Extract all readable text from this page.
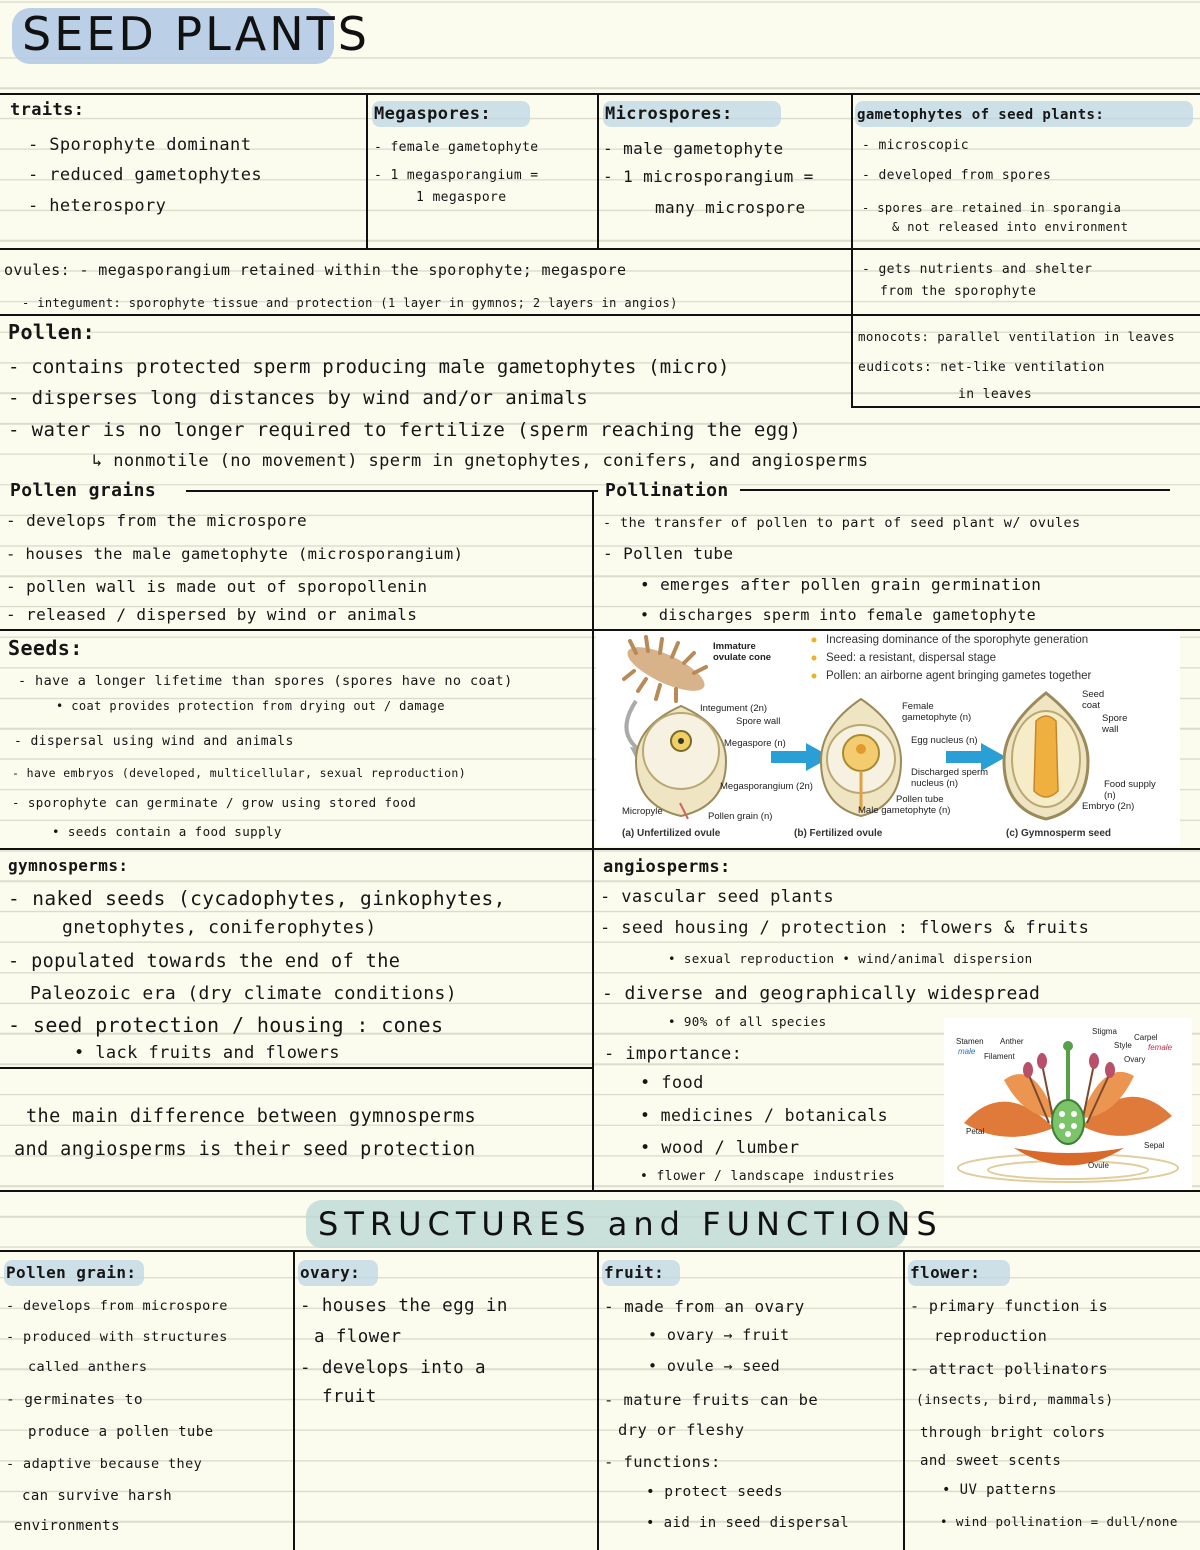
SEED PLANTS
traits:
- Sporophyte dominant
- reduced gametophytes
- heterospory
Megaspores:
- female gametophyte
- 1 megasporangium =
1 megaspore
Microspores:
- male gametophyte
- 1 microsporangium =
many microspore
gametophytes of seed plants:
- microscopic
- developed from spores
- spores are retained in sporangia
& not released into environment
- gets nutrients and shelter
from the sporophyte
ovules: - megasporangium retained within the sporophyte; megaspore
- integument: sporophyte tissue and protection (1 layer in gymnos; 2 layers in angios)
monocots: parallel ventilation in leaves
eudicots: net-like ventilation
in leaves
Pollen:
- contains protected sperm producing male gametophytes (micro)
- disperses long distances by wind and/or animals
- water is no longer required to fertilize (sperm reaching the egg)
↳ nonmotile (no movement) sperm in gnetophytes, conifers, and angiosperms
Pollen grains
- develops from the microspore
- houses the male gametophyte (microsporangium)
- pollen wall is made out of sporopollenin
- released / dispersed by wind or animals
Pollination
- the transfer of pollen to part of seed plant w/ ovules
- Pollen tube
• emerges after pollen grain germination
• discharges sperm into female gametophyte
Seeds:
- have a longer lifetime than spores (spores have no coat)
• coat provides protection from drying out / damage
- dispersal using wind and animals
- have embryos (developed, multicellular, sexual reproduction)
- sporophyte can germinate / grow using stored food
• seeds contain a food supply
Increasing dominance of the sporophyte generation
Seed: a resistant, dispersal stage
Pollen: an airborne agent bringing gametes together
Immature ovulate cone
Integument (2n)
Spore wall
Megaspore (n)
Megasporangium (2n)
Micropyle	Pollen grain (n)
Female gametophyte (n)
Egg nucleus (n)
Discharged sperm nucleus (n)
Pollen tube
Male gametophyte (n)
Seed coat
Spore wall
Food supply (n)
Embryo (2n)
(a) Unfertilized ovule	(b) Fertilized ovule	(c) Gymnosperm seed
gymnosperms:
- naked seeds (cycadophytes, ginkophytes,
gnetophytes, coniferophytes)
- populated towards the end of the
Paleozoic era (dry climate conditions)
- seed protection / housing : cones
• lack fruits and flowers
the main difference between gymnosperms
and angiosperms is their seed protection
angiosperms:
- vascular seed plants
- seed housing / protection : flowers & fruits
• sexual reproduction • wind/animal dispersion
- diverse and geographically widespread
• 90% of all species
- importance:
• food
• medicines / botanicals
• wood / lumber
• flower / landscape industries
Stamen
male
Anther
Filament
Stigma
Carpel
Style female
Ovary
Petal
Sepal
Ovule
STRUCTURES and FUNCTIONS
Pollen grain:
- develops from microspore
- produced with structures
called anthers
- germinates to
produce a pollen tube
- adaptive because they
can survive harsh
environments
ovary:
- houses the egg in
a flower
- develops into a
fruit
fruit:
- made from an ovary
• ovary → fruit
• ovule → seed
- mature fruits can be
dry or fleshy
- functions:
• protect seeds
• aid in seed dispersal
flower:
- primary function is
reproduction
- attract pollinators
(insects, bird, mammals)
through bright colors
and sweet scents
• UV patterns
• wind pollination = dull/none
